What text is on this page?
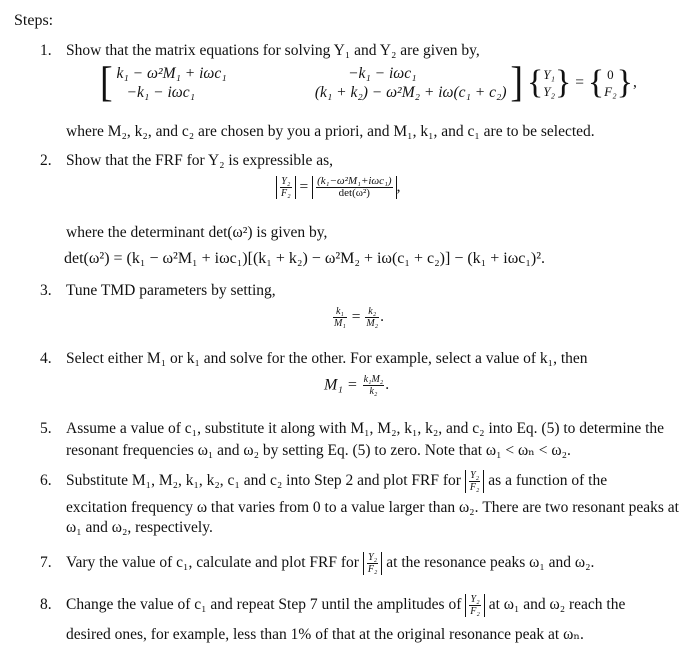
Steps:
1. Show that the matrix equations for solving Y₁ and Y₂ are given by,
[ k₁ − ω²M₁ + iωc₁	−k₁ − iωc₁
−k₁ − iωc₁	(k₁ + k₂) − ω²M₂ + iω(c₁ + c₂) ] {Y₁
Y₂} = { 0
F₂},
where M₂, k₂, and c₂ are chosen by you a priori, and M₁, k₁, and c₁ are to be selected.
2. Show that the FRF for Y₂ is expressible as,
$\frac{\text{Y₂}}{\text{F₂}} = \frac{\text{(k₁−ω²M₁+iωc₁)}}{\text{det(ω²)}}$ ,
where the determinant det(ω²) is given by,
det(ω²) = (k₁ − ω²M₁ + iωc₁)[(k₁ + k₂) − ω²M₂ + iω(c₁ + c₂)] − (k₁ + iωc₁)².
3. Tune TMD parameters by setting,
$\frac{\text{k₁}}{\text{M₁}} = \frac{\text{k₂}}{\text{M₂}}$ .
4. Select either M₁ or k₁ and solve for the other. For example, select a value of k₁, then
$M_1 = \frac{\text{k₁M₂}}{\text{k₂}}$ .
5. Assume a value of c₁, substitute it along with M₁, M₂, k₁, k₂, and c₂ into Eq. (5) to determine the resonant frequencies ω₁ and ω₂ by setting Eq. (5) to zero. Note that ω₁ < ωₙ < ω₂.
6. Substitute M₁, M₂, k₁, k₂, c₁ and c₂ into Step 2 and plot FRF for $\frac{\text{Y₂}}{\text{F₂}}$ as a function of the
excitation frequency ω that varies from 0 to a value larger than ω₂. There are two resonant peaks at ω₁ and ω₂, respectively.
7. Vary the value of c₁, calculate and plot FRF for $\frac{\text{Y₂}}{\text{F₂}}$ at the resonance peaks ω₁ and ω₂.
8. Change the value of c₁ and repeat Step 7 until the amplitudes of $\frac{\text{Y₂}}{\text{F₂}}$ at ω₁ and ω₂ reach the
desired ones, for example, less than 1% of that at the original resonance peak at ωₙ.
